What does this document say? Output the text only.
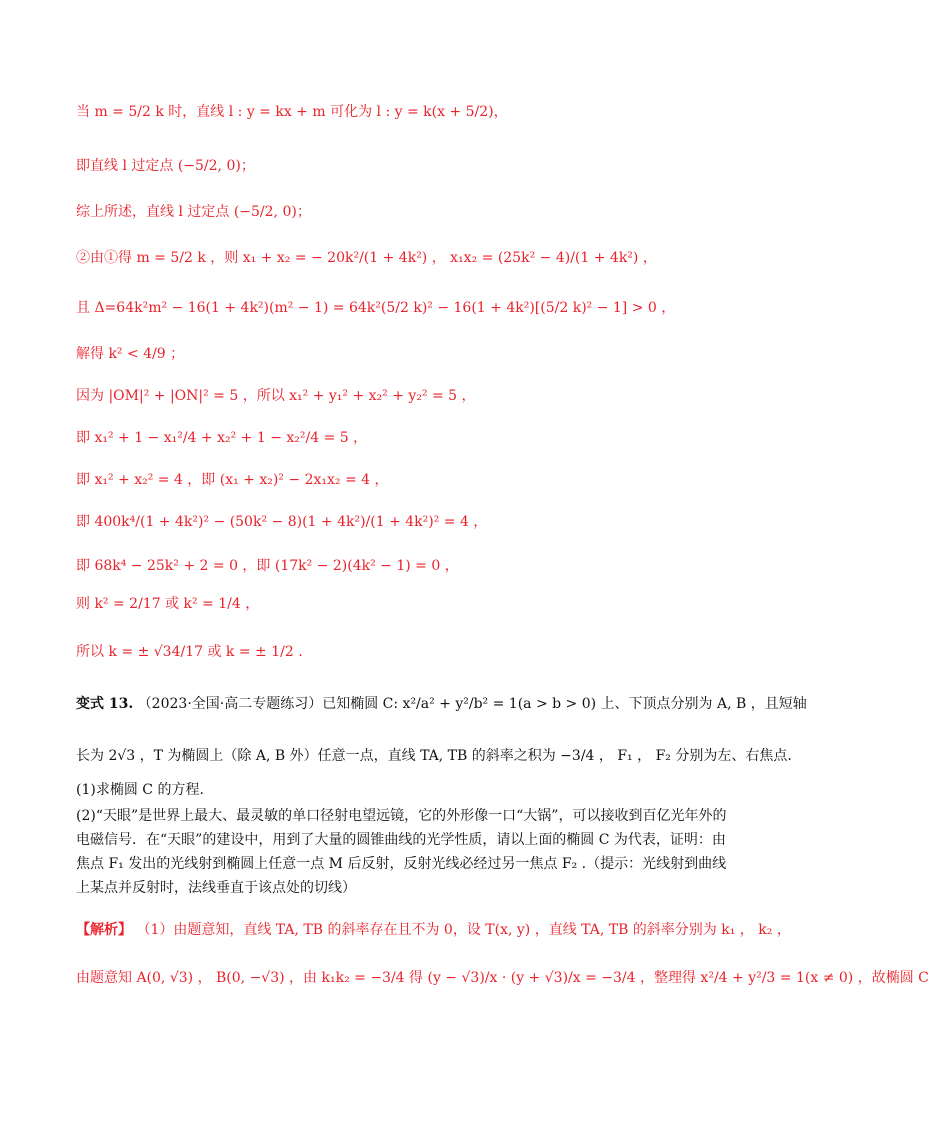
当 m = 5/2 k 时，直线 l : y = kx + m 可化为 l : y = k(x + 5/2)，
即直线 l 过定点 (−5/2, 0)；
综上所述，直线 l 过定点 (−5/2, 0)；
②由①得 m = 5/2 k ，则 x₁ + x₂ = − 20k²/(1 + 4k²) ， x₁x₂ = (25k² − 4)/(1 + 4k²) ，
且 Δ=64k²m² − 16(1 + 4k²)(m² − 1) = 64k²(5/2 k)² − 16(1 + 4k²)[(5/2 k)² − 1] > 0 ，
解得 k² < 4/9 ；
因为 |OM|² + |ON|² = 5 ，所以 x₁² + y₁² + x₂² + y₂² = 5 ，
即 x₁² + 1 − x₁²/4 + x₂² + 1 − x₂²/4 = 5 ，
即 x₁² + x₂² = 4 ，即 (x₁ + x₂)² − 2x₁x₂ = 4 ，
即 400k⁴/(1 + 4k²)² − (50k² − 8)(1 + 4k²)/(1 + 4k²)² = 4 ，
即 68k⁴ − 25k² + 2 = 0 ，即 (17k² − 2)(4k² − 1) = 0 ，
则 k² = 2/17 或 k² = 1/4 ，
所以 k = ± √34/17 或 k = ± 1/2 .
变式 13. （2023·全国·高二专题练习）已知椭圆 C: x²/a² + y²/b² = 1(a > b > 0) 上、下顶点分别为 A, B ，且短轴
长为 2√3 ，T 为椭圆上（除 A, B 外）任意一点，直线 TA, TB 的斜率之积为 −3/4 ， F₁ ， F₂ 分别为左、右焦点.
(1)求椭圆 C 的方程.
(2)“天眼”是世界上最大、最灵敏的单口径射电望远镜，它的外形像一口“大锅”，可以接收到百亿光年外的电磁信号．在“天眼”的建设中，用到了大量的圆锥曲线的光学性质，请以上面的椭圆 C 为代表，证明：由焦点 F₁ 发出的光线射到椭圆上任意一点 M 后反射，反射光线必经过另一焦点 F₂ .（提示：光线射到曲线上某点并反射时，法线垂直于该点处的切线）
【解析】 （1）由题意知，直线 TA, TB 的斜率存在且不为 0，设 T(x, y) ，直线 TA, TB 的斜率分别为 k₁ ， k₂ ，
由题意知 A(0, √3) ， B(0, −√3) ，由 k₁k₂ = −3/4 得 (y − √3)/x · (y + √3)/x = −3/4 ，整理得 x²/4 + y²/3 = 1(x ≠ 0) ，故椭圆 C
